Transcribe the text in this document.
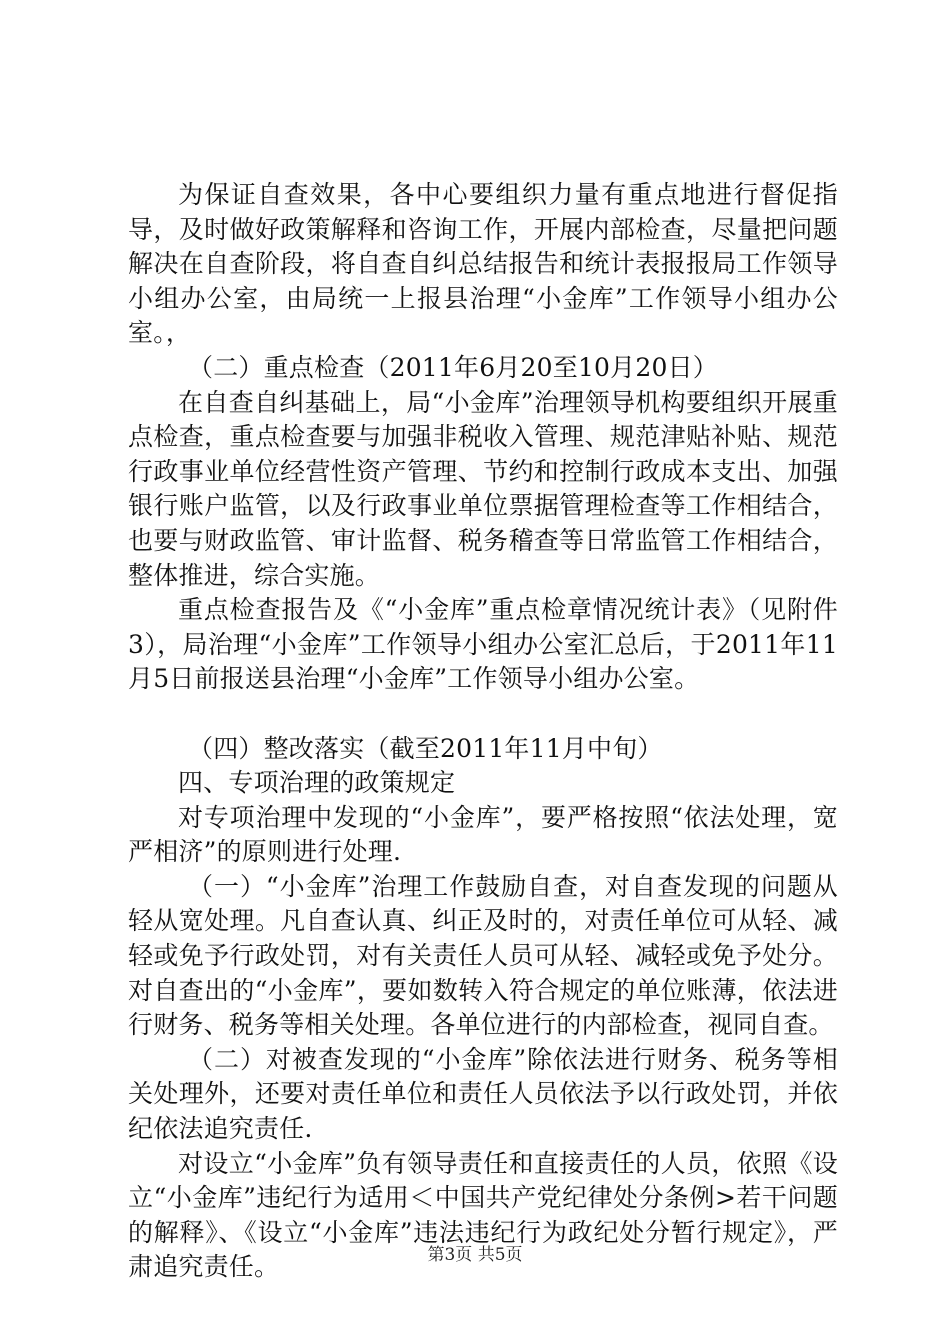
为保证自查效果，各中心要组织力量有重点地进行督促指导，及时做好政策解释和咨询工作，开展内部检查，尽量把问题解决在自查阶段，将自查自纠总结报告和统计表报报局工作领导小组办公室，由局统一上报县治理“小金库”工作领导小组办公室。，

（二）重点检查（2011年6月20至10月20日）

在自查自纠基础上，局“小金库”治理领导机构要组织开展重点检查，重点检查要与加强非税收入管理、规范津贴补贴、规范行政事业单位经营性资产管理、节约和控制行政成本支出、加强银行账户监管，以及行政事业单位票据管理检查等工作相结合，也要与财政监管、审计监督、税务稽查等日常监管工作相结合，整体推进，综合实施。

重点检查报告及《“小金库”重点检章情况统计表》（见附件3），局治理“小金库”工作领导小组办公室汇总后，于2011年11月5日前报送县治理“小金库”工作领导小组办公室。

（四）整改落实（截至2011年11月中旬）

四、专项治理的政策规定

对专项治理中发现的“小金库”，要严格按照“依法处理，宽严相济”的原则进行处理.

（一）“小金库”治理工作鼓励自查，对自查发现的问题从轻从宽处理。凡自查认真、纠正及时的，对责任单位可从轻、减轻或免予行政处罚，对有关责任人员可从轻、减轻或免予处分。对自查出的“小金库”，要如数转入符合规定的单位账薄，依法进行财务、税务等相关处理。各单位进行的内部检查，视同自查。

（二）对被查发现的“小金库”除依法进行财务、税务等相关处理外，还要对责任单位和责任人员依法予以行政处罚，并依纪依法追究责任.

对设立“小金库”负有领导责任和直接责任的人员，依照《设立“小金库”违纪行为适用＜中国共产党纪律处分条例>若干问题的解释》、《设立“小金库”违法违纪行为政纪处分暂行规定》，严肃追究责任。	第3页 共5页
